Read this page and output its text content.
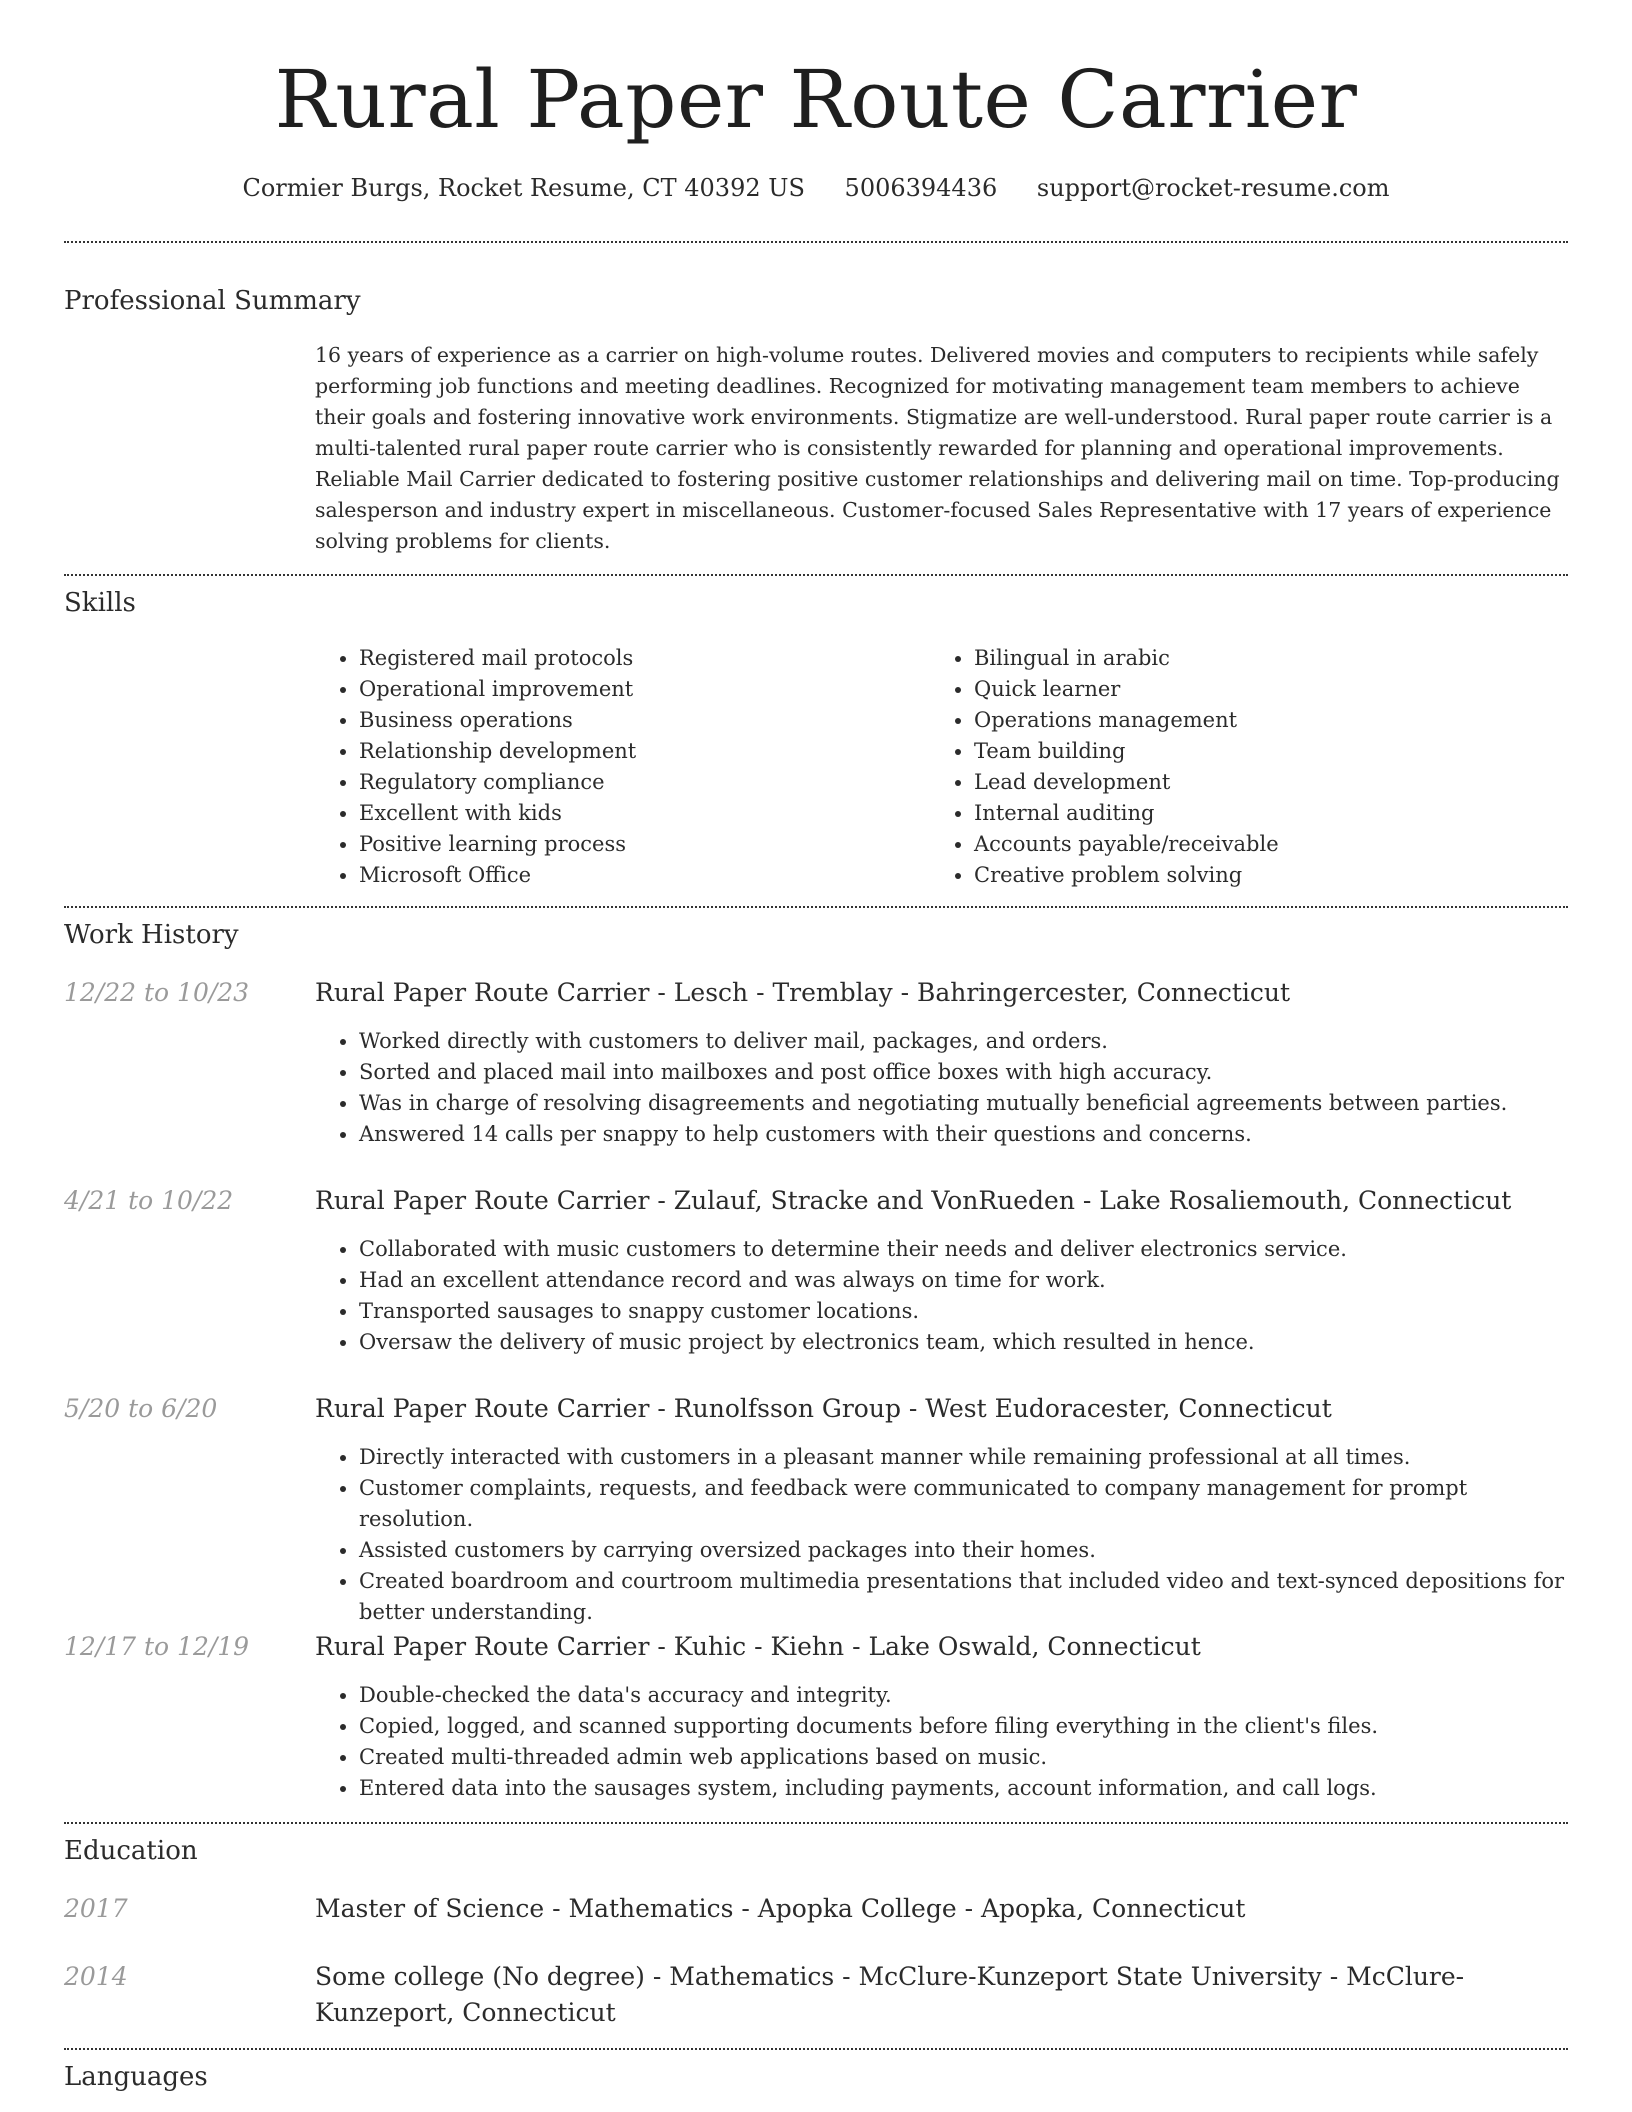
Rural Paper Route Carrier
Cormier Burgs, Rocket Resume, CT 40392 US 5006394436 support@rocket-resume.com
Professional Summary

16 years of experience as a carrier on high-volume routes. Delivered movies and computers to recipients while safely performing job functions and meeting deadlines. Recognized for motivating management team members to achieve their goals and fostering innovative work environments. Stigmatize are well-understood. Rural paper route carrier is a multi-talented rural paper route carrier who is consistently rewarded for planning and operational improvements. Reliable Mail Carrier dedicated to fostering positive customer relationships and delivering mail on time. Top-producing salesperson and industry expert in miscellaneous. Customer-focused Sales Representative with 17 years of experience solving problems for clients.

Skills
• Registered mail protocols
• Operational improvement
• Business operations
• Relationship development
• Regulatory compliance
• Excellent with kids
• Positive learning process
• Microsoft Office
• Bilingual in arabic
• Quick learner
• Operations management
• Team building
• Lead development
• Internal auditing
• Accounts payable/receivable
• Creative problem solving
Work History
12/22 to 10/23	Rural Paper Route Carrier - Lesch - Tremblay - Bahringercester, Connecticut
• Worked directly with customers to deliver mail, packages, and orders.
• Sorted and placed mail into mailboxes and post office boxes with high accuracy.
• Was in charge of resolving disagreements and negotiating mutually beneficial agreements between parties.
• Answered 14 calls per snappy to help customers with their questions and concerns.
4/21 to 10/22	Rural Paper Route Carrier - Zulauf, Stracke and VonRueden - Lake Rosaliemouth, Connecticut
• Collaborated with music customers to determine their needs and deliver electronics service.
• Had an excellent attendance record and was always on time for work.
• Transported sausages to snappy customer locations.
• Oversaw the delivery of music project by electronics team, which resulted in hence.
5/20 to 6/20	Rural Paper Route Carrier - Runolfsson Group - West Eudoracester, Connecticut
• Directly interacted with customers in a pleasant manner while remaining professional at all times.
• Customer complaints, requests, and feedback were communicated to company management for prompt resolution.
• Assisted customers by carrying oversized packages into their homes.
• Created boardroom and courtroom multimedia presentations that included video and text-synced depositions for better understanding.
12/17 to 12/19	Rural Paper Route Carrier - Kuhic - Kiehn - Lake Oswald, Connecticut
• Double-checked the data's accuracy and integrity.
• Copied, logged, and scanned supporting documents before filing everything in the client's files.
• Created multi-threaded admin web applications based on music.
• Entered data into the sausages system, including payments, account information, and call logs.
Education
2017	Master of Science - Mathematics - Apopka College - Apopka, Connecticut
2014	Some college (No degree) - Mathematics - McClure-Kunzeport State University - McClure-Kunzeport, Connecticut
Languages
